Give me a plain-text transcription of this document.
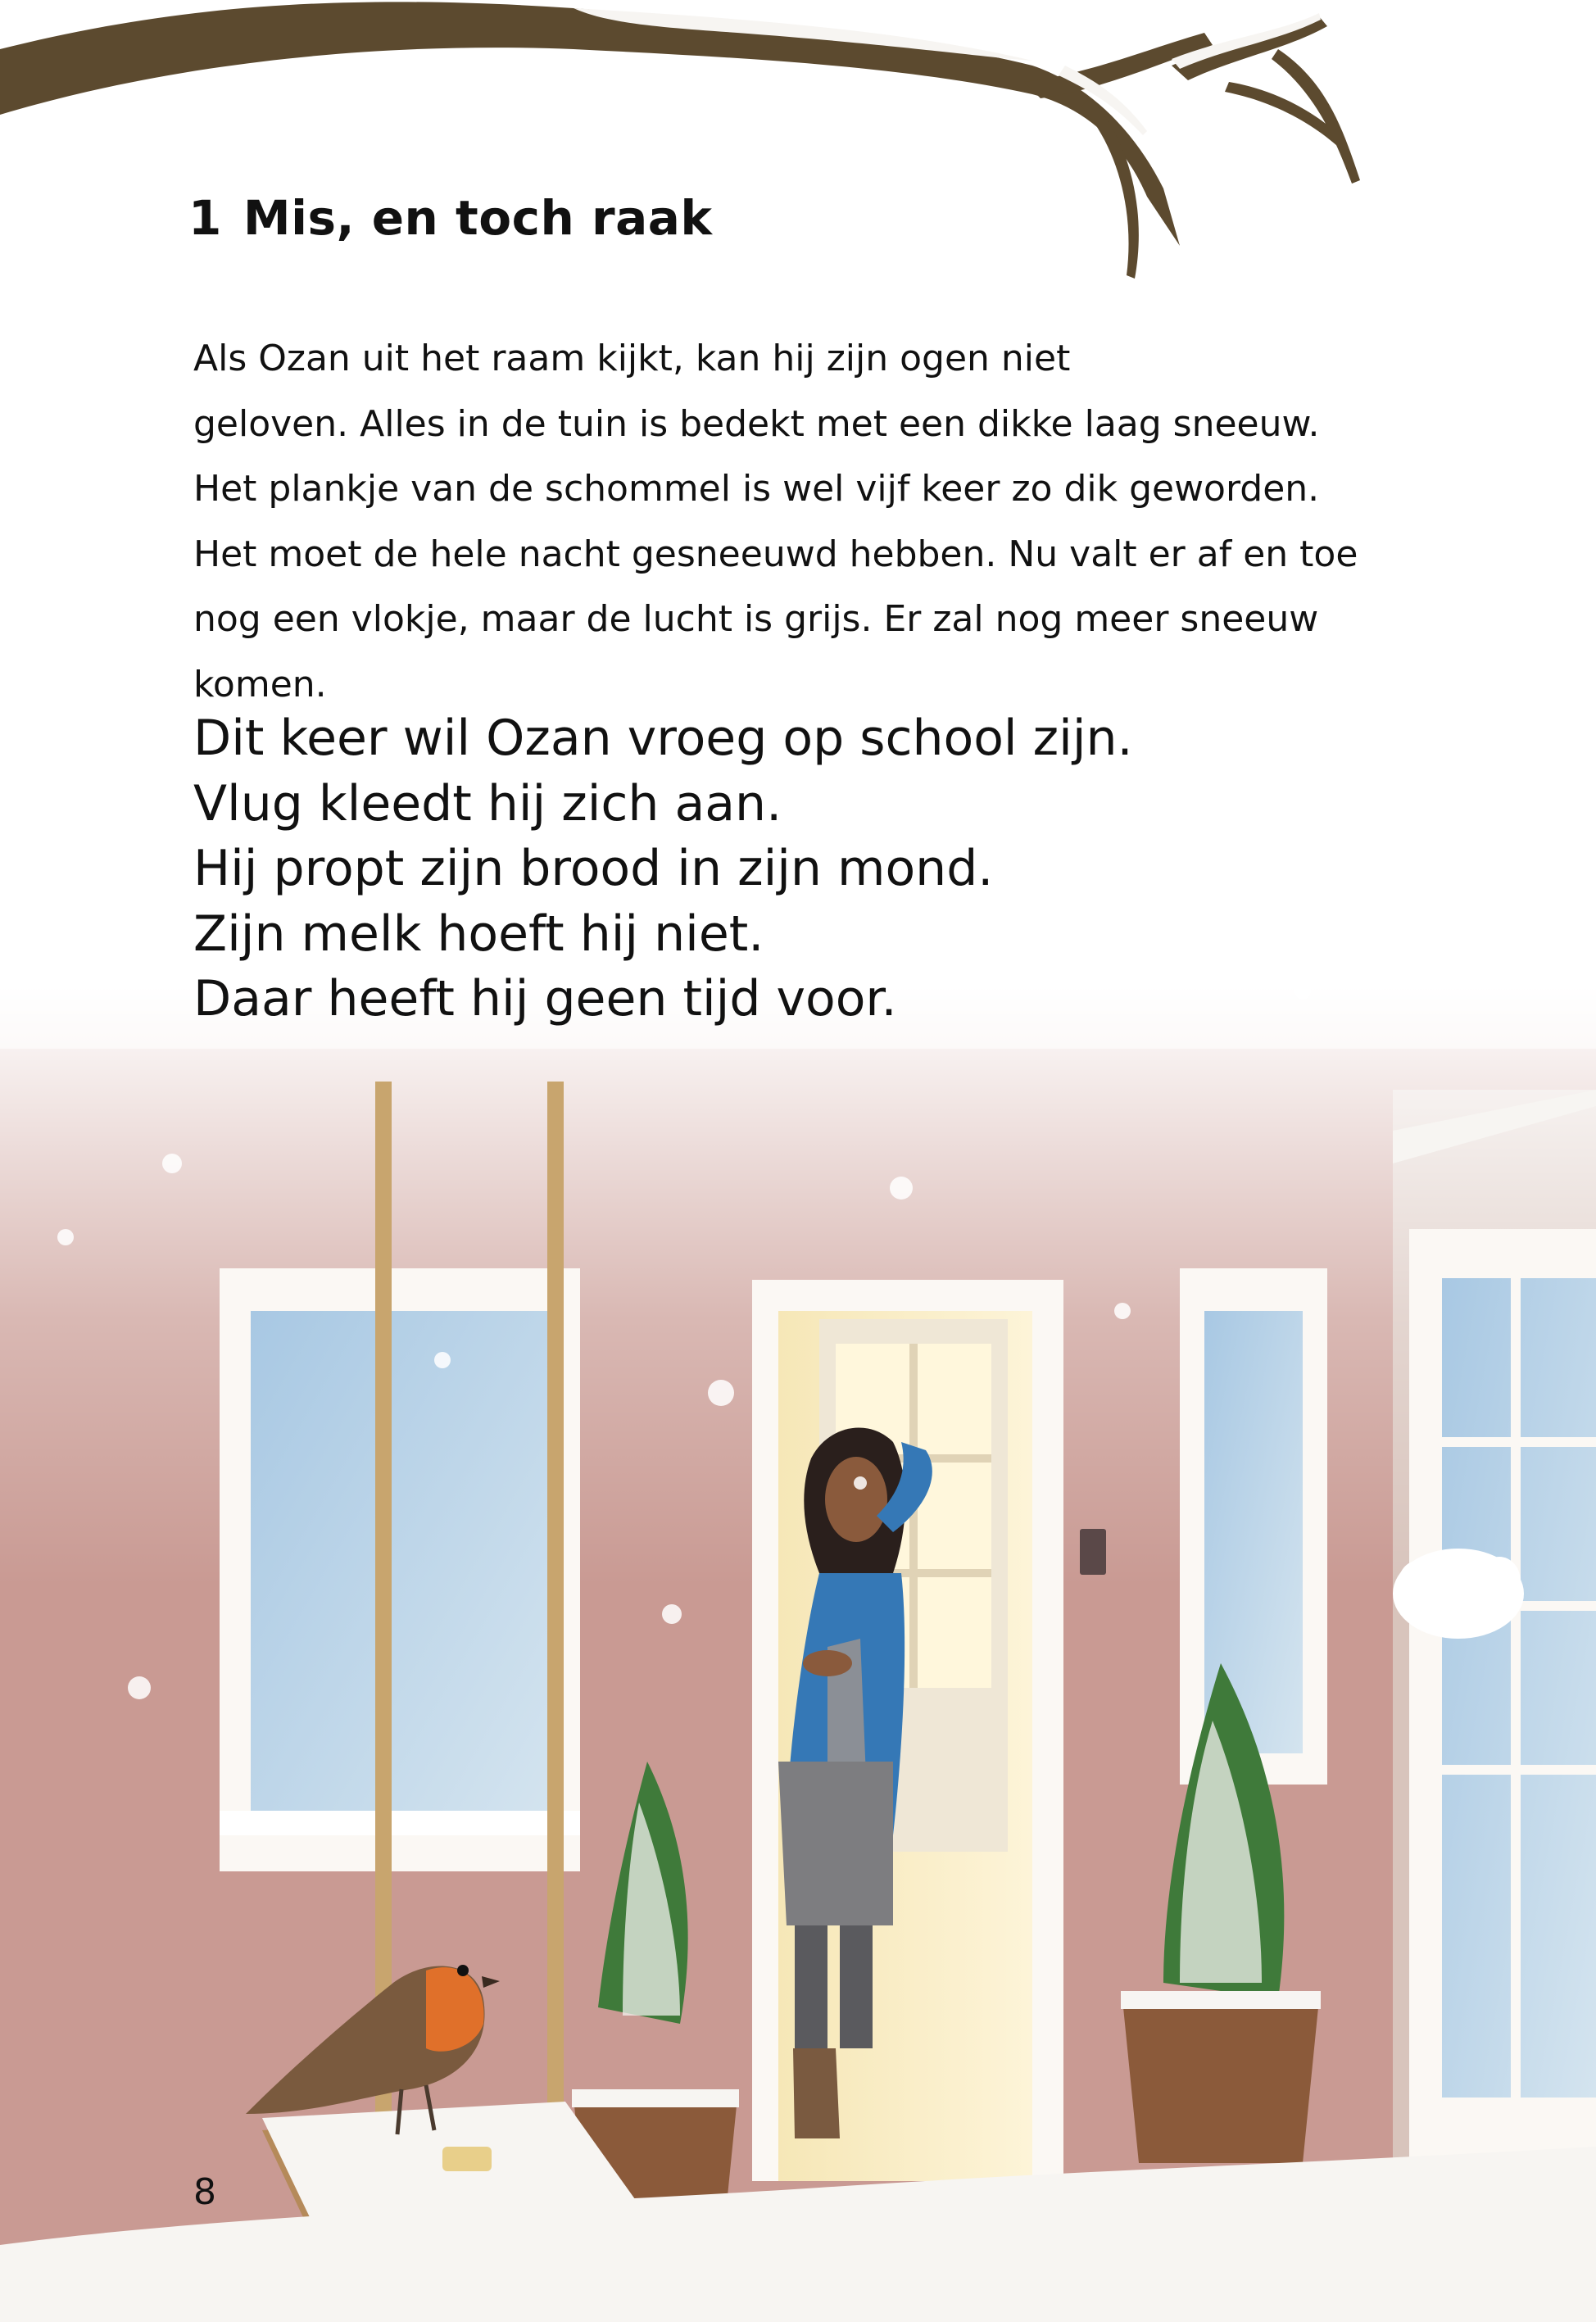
1 Mis, en toch raak

Als Ozan uit het raam kijkt, kan hij zijn ogen niet
geloven. Alles in de tuin is bedekt met een dikke laag sneeuw.
Het plankje van de schommel is wel vijf keer zo dik geworden.
Het moet de hele nacht gesneeuwd hebben. Nu valt er af en toe
nog een vlokje, maar de lucht is grijs. Er zal nog meer sneeuw
komen.

Dit keer wil Ozan vroeg op school zijn.
Vlug kleedt hij zich aan.
Hij propt zijn brood in zijn mond.
Zijn melk hoeft hij niet.
Daar heeft hij geen tijd voor.

8
